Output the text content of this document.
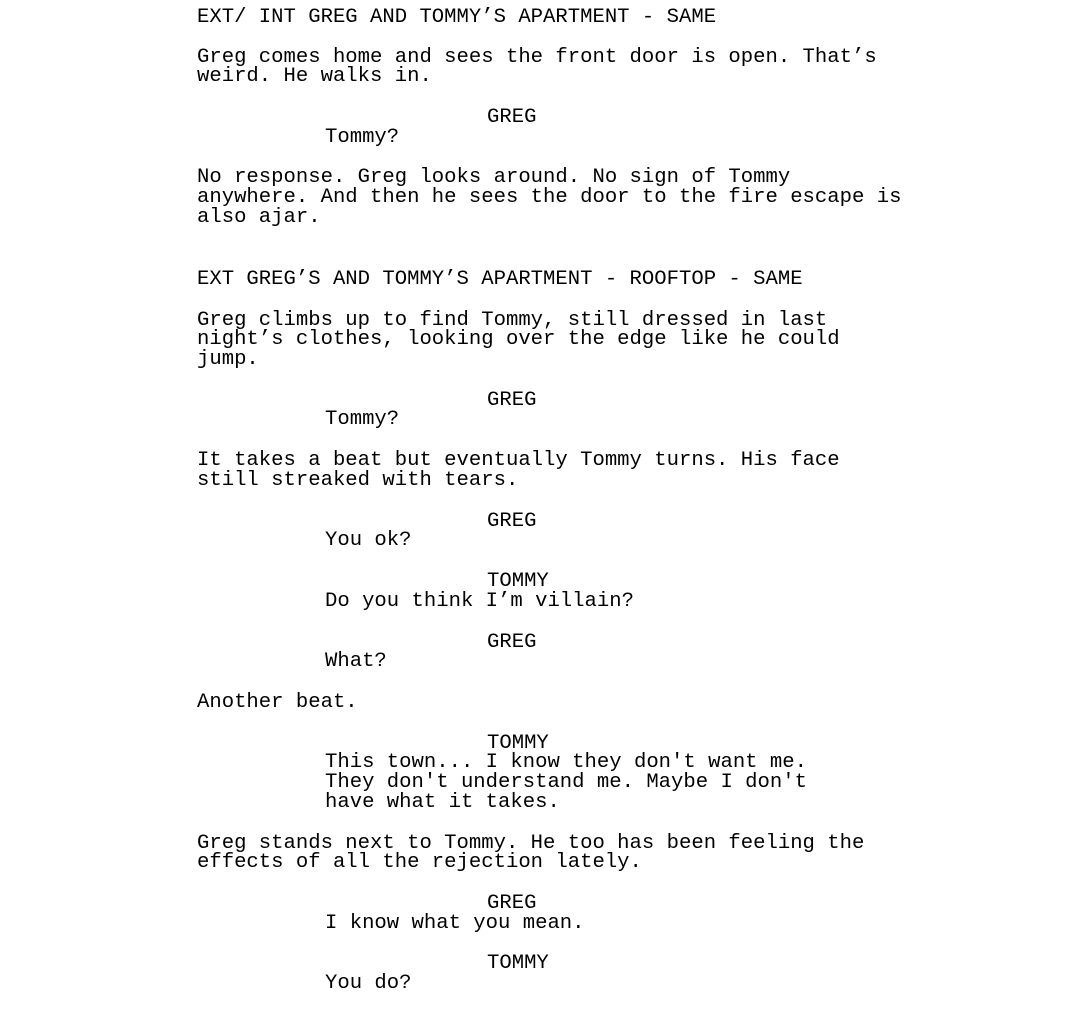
EXT/ INT GREG AND TOMMY’S APARTMENT - SAME

Greg comes home and sees the front door is open. That’s

weird. He walks in.

GREG

Tommy?

No response. Greg looks around. No sign of Tommy

anywhere. And then he sees the door to the fire escape is

also ajar.

EXT GREG’S AND TOMMY’S APARTMENT - ROOFTOP - SAME

Greg climbs up to find Tommy, still dressed in last

night’s clothes, looking over the edge like he could

jump.

GREG

Tommy?

It takes a beat but eventually Tommy turns. His face

still streaked with tears.

GREG

You ok?

TOMMY

Do you think I’m villain?

GREG

What?

Another beat.

TOMMY

This town... I know they don't want me.

They don't understand me. Maybe I don't

have what it takes.

Greg stands next to Tommy. He too has been feeling the

effects of all the rejection lately.

GREG

I know what you mean.

TOMMY

You do?
